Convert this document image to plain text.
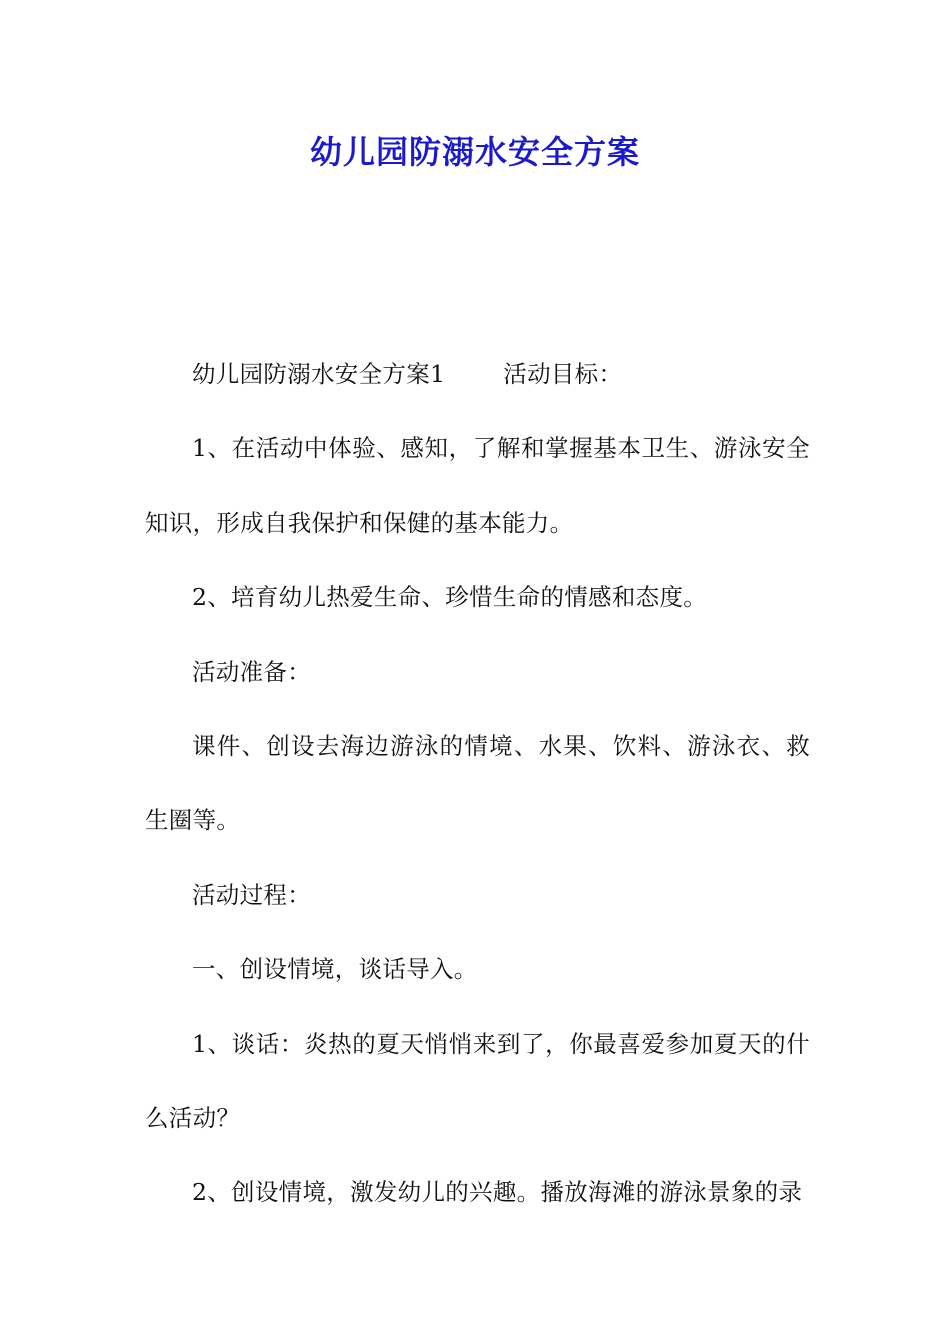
幼儿园防溺水安全方案

幼儿园防溺水安全方案1 活动目标：

1、在活动中体验、感知，了解和掌握基本卫生、游泳安全知识，形成自我保护和保健的基本能力。

2、培育幼儿热爱生命、珍惜生命的情感和态度。

活动准备：

课件、创设去海边游泳的情境、水果、饮料、游泳衣、救生圈等。

活动过程：

一、创设情境，谈话导入。

1、谈话：炎热的夏天悄悄来到了，你最喜爱参加夏天的什么活动？

2、创设情境，激发幼儿的兴趣。播放海滩的游泳景象的录
